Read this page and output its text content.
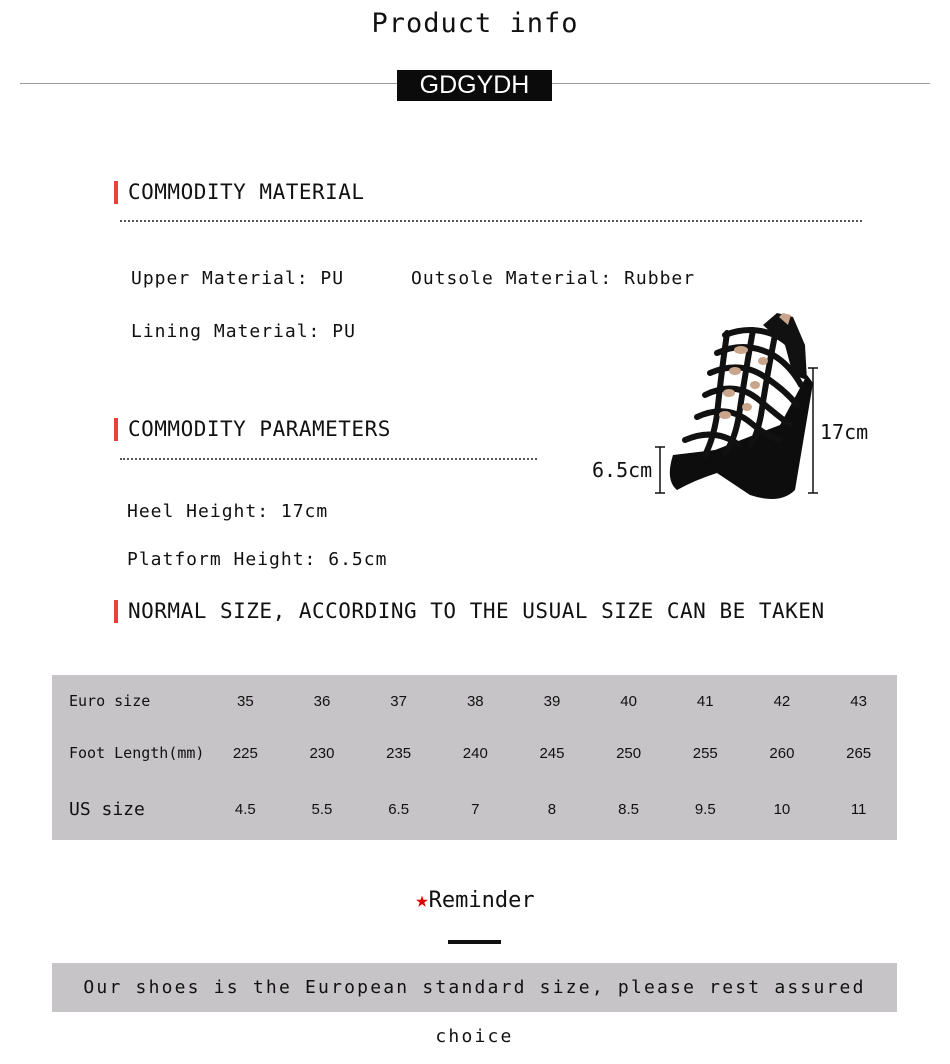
Product info
GDGYDH
COMMODITY MATERIAL
Upper Material: PU	Outsole Material: Rubber
Lining Material: PU
COMMODITY PARAMETERS
Heel Height: 17cm
Platform Height: 6.5cm
17cm
6.5cm
NORMAL SIZE, ACCORDING TO THE USUAL SIZE CAN BE TAKEN
Euro size	35	36	37	38	39	40	41	42	43
Foot Length(mm)	225	230	235	240	245	250	255	260	265
US size	4.5	5.5	6.5	7	8	8.5	9.5	10	11
★Reminder
Our shoes is the European standard size, please rest assured choice
